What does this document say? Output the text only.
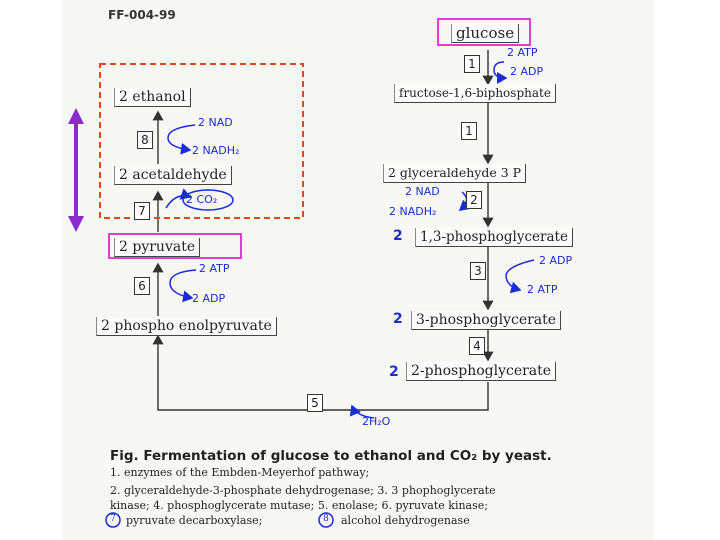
FF-004-99
glucose
fructose-1,6-biphosphate
2 glyceraldehyde 3 P
1,3-phosphoglycerate
3-phosphoglycerate
2-phosphoglycerate
2 phospho enolpyruvate
2 pyruvate
2 acetaldehyde
2 ethanol
1
1
2
3
4
5
6
7
8
2 ATP
2 ADP
2 NAD
2 NADH₂
2 ADP
2 ATP
2
2
2
2H₂O
2 ATP
2 ADP
2 CO₂
2 NAD
2 NADH₂
Fig. Fermentation of glucose to ethanol and CO₂ by yeast.
1. enzymes of the Embden-Meyerhof pathway;
2. glyceraldehyde-3-phosphate dehydrogenase; 3. 3 phophoglycerate
kinase; 4. phosphoglycerate mutase; 5. enolase; 6. pyruvate kinase;
7 pyruvate decarboxylase;	8 alcohol dehydrogenase
